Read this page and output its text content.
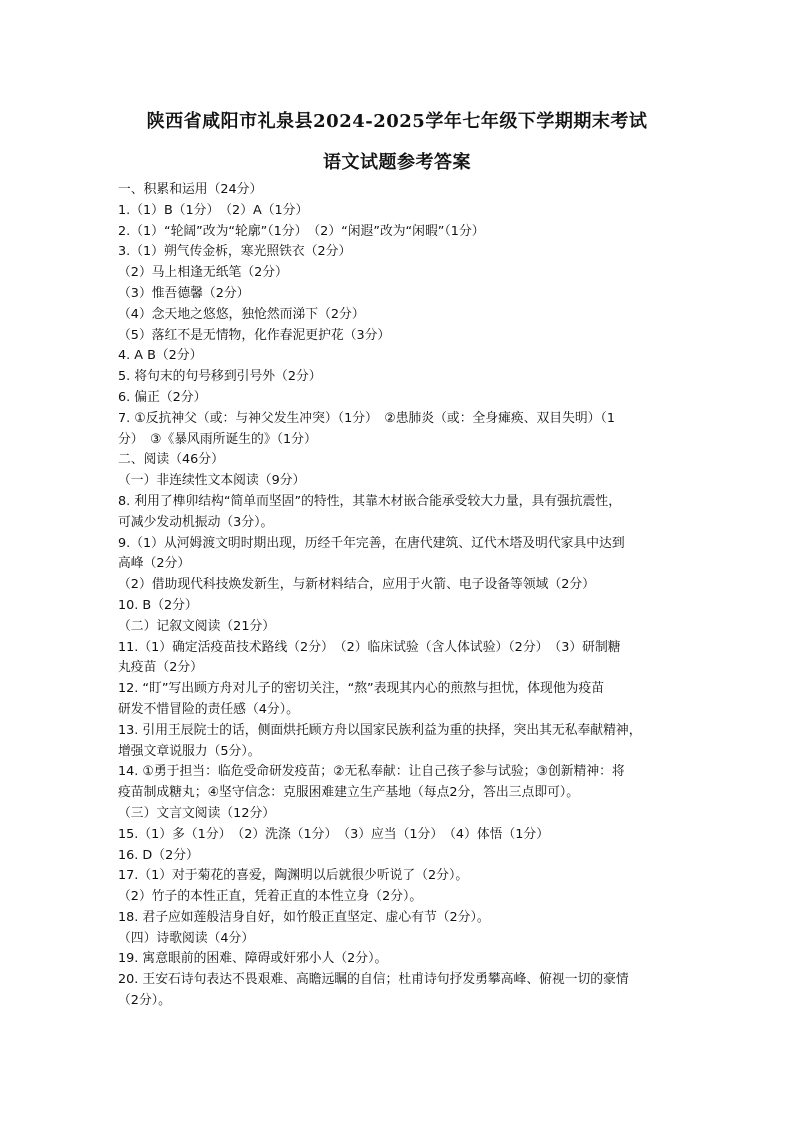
陕西省咸阳市礼泉县2024-2025学年七年级下学期期末考试
语文试题参考答案
一、积累和运用（24分）
1.（1）B（1分）　（2）A（1分）
2.（1）“轮阔”改为“轮廓”（1分）　（2）“闲遐”改为“闲暇”（1分）
3.（1）朔气传金柝，寒光照铁衣（2分）
（2）马上相逢无纸笔（2分）
（3）惟吾德馨（2分）
（4）念天地之悠悠，独怆然而涕下（2分）
（5）落红不是无情物，化作春泥更护花（3分）
4. A B（2分）
5. 将句末的句号移到引号外（2分）
6. 偏正（2分）
7. ①反抗神父（或：与神父发生冲突）（1分）　②患肺炎（或：全身瘫痪、双目失明）（1
分）　③《暴风雨所诞生的》（1分）
二、阅读（46分）
（一）非连续性文本阅读（9分）
8. 利用了榫卯结构“简单而坚固”的特性，其靠木材嵌合能承受较大力量，具有强抗震性，
可减少发动机振动（3分）。
9.（1）从河姆渡文明时期出现，历经千年完善，在唐代建筑、辽代木塔及明代家具中达到
高峰（2分）
（2）借助现代科技焕发新生，与新材料结合，应用于火箭、电子设备等领域（2分）
10. B（2分）
（二）记叙文阅读（21分）
11.（1）确定活疫苗技术路线（2分）　（2）临床试验（含人体试验）（2分）　（3）研制糖
丸疫苗（2分）
12. “盯”写出顾方舟对儿子的密切关注，“熬”表现其内心的煎熬与担忧，体现他为疫苗
研发不惜冒险的责任感（4分）。
13. 引用王辰院士的话，侧面烘托顾方舟以国家民族利益为重的抉择，突出其无私奉献精神，
增强文章说服力（5分）。
14. ①勇于担当：临危受命研发疫苗；②无私奉献：让自己孩子参与试验；③创新精神：将
疫苗制成糖丸；④坚守信念：克服困难建立生产基地（每点2分，答出三点即可）。
（三）文言文阅读（12分）
15.（1）多（1分）　（2）洗涤（1分）　（3）应当（1分）　（4）体悟（1分）
16. D（2分）
17.（1）对于菊花的喜爱，陶渊明以后就很少听说了（2分）。
（2）竹子的本性正直，凭着正直的本性立身（2分）。
18. 君子应如莲般洁身自好，如竹般正直坚定、虚心有节（2分）。
（四）诗歌阅读（4分）
19. 寓意眼前的困难、障碍或奸邪小人（2分）。
20. 王安石诗句表达不畏艰难、高瞻远瞩的自信；杜甫诗句抒发勇攀高峰、俯视一切的豪情
（2分）。
